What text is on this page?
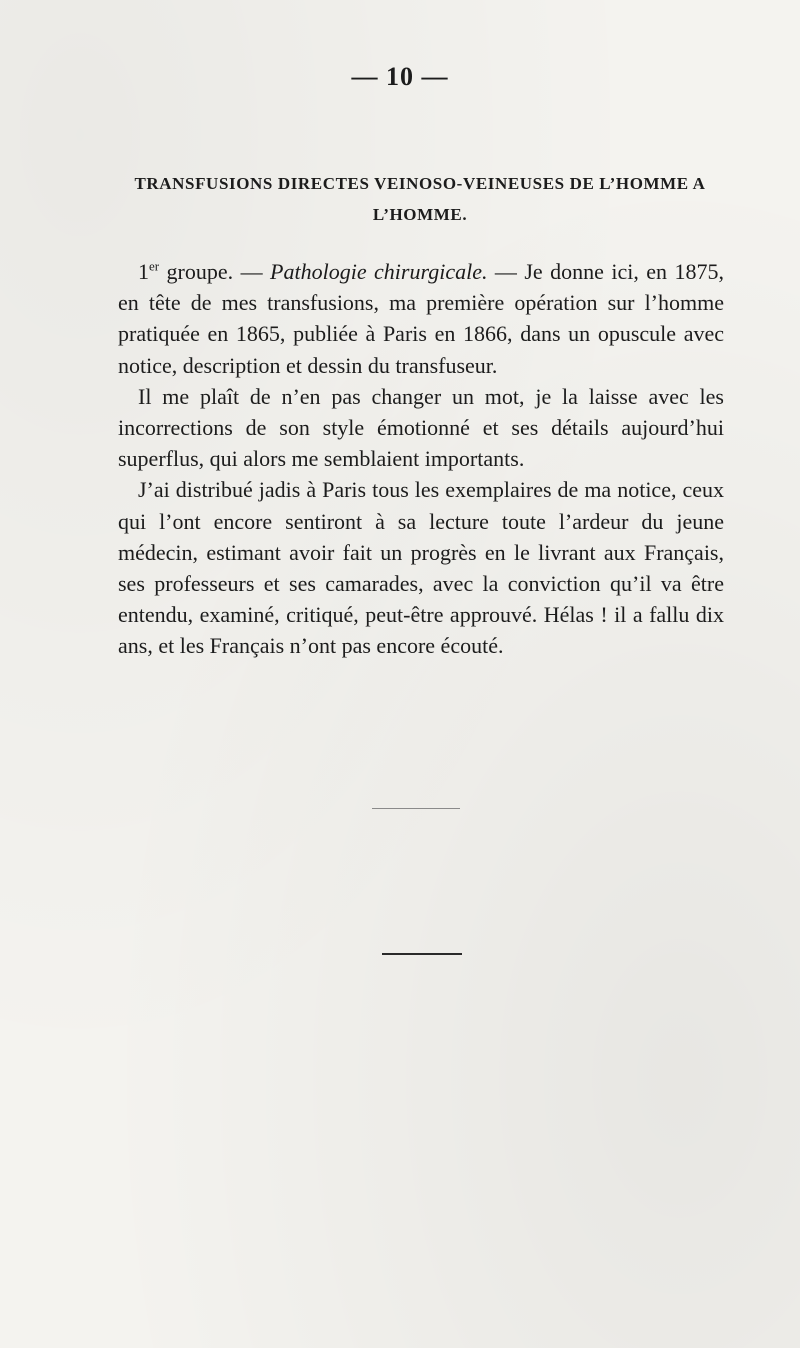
— 10 —
TRANSFUSIONS DIRECTES VEINOSO-VEINEUSES DE L’HOMME A L’HOMME.

1er groupe. — Pathologie chirurgicale. — Je donne ici, en 1875, en tête de mes transfusions, ma première opération sur l’homme pratiquée en 1865, publiée à Paris en 1866, dans un opuscule avec notice, description et dessin du transfuseur.

Il me plaît de n’en pas changer un mot, je la laisse avec les incorrections de son style émotionné et ses détails aujourd’hui superflus, qui alors me semblaient importants.

J’ai distribué jadis à Paris tous les exemplaires de ma notice, ceux qui l’ont encore sentiront à sa lecture toute l’ardeur du jeune médecin, estimant avoir fait un progrès en le livrant aux Français, ses professeurs et ses camarades, avec la conviction qu’il va être entendu, examiné, critiqué, peut-être approuvé. Hélas ! il a fallu dix ans, et les Français n’ont pas encore écouté.
